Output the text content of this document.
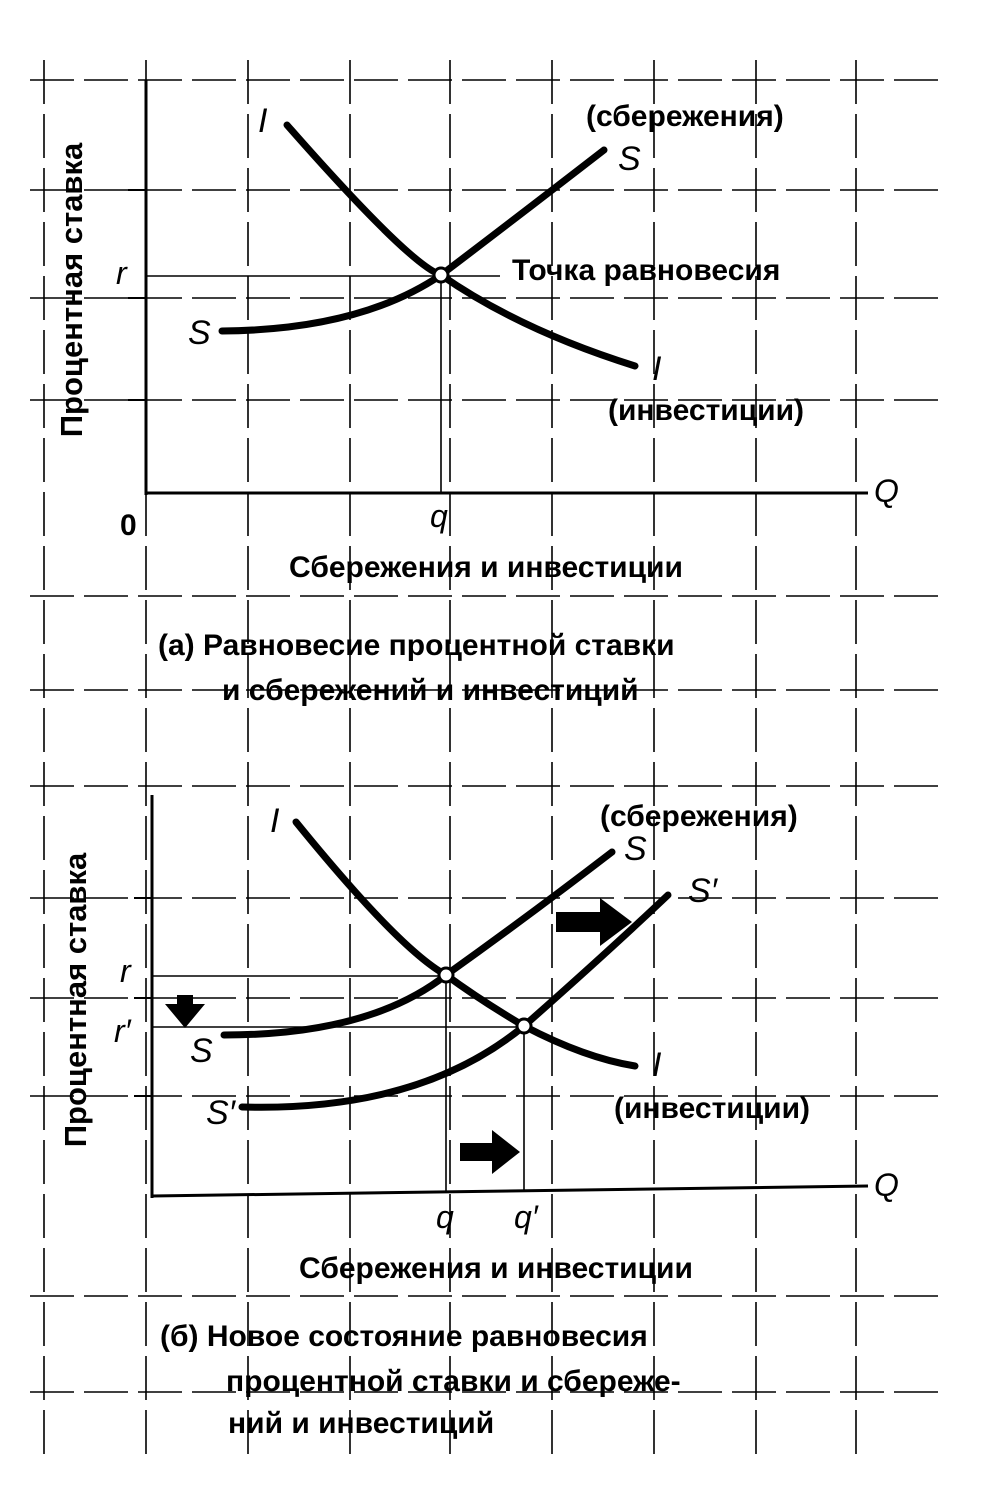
Процентная ставка r
0	q
Q
I
I
(инвестиции)
S
S
(сбережения)
Точка равновесия
Сбережения и инвестиции
(а) Равновесие процентной ставки
и сбережений и инвестиций
Процентная ставка r
r′
q q′
Q
I
I
(инвестиции)
S
S
(сбережения)
S′
S′
Сбережения и инвестиции
(б) Новое состояние равновесия
процентной ставки и сбереже-
ний и инвестиций
